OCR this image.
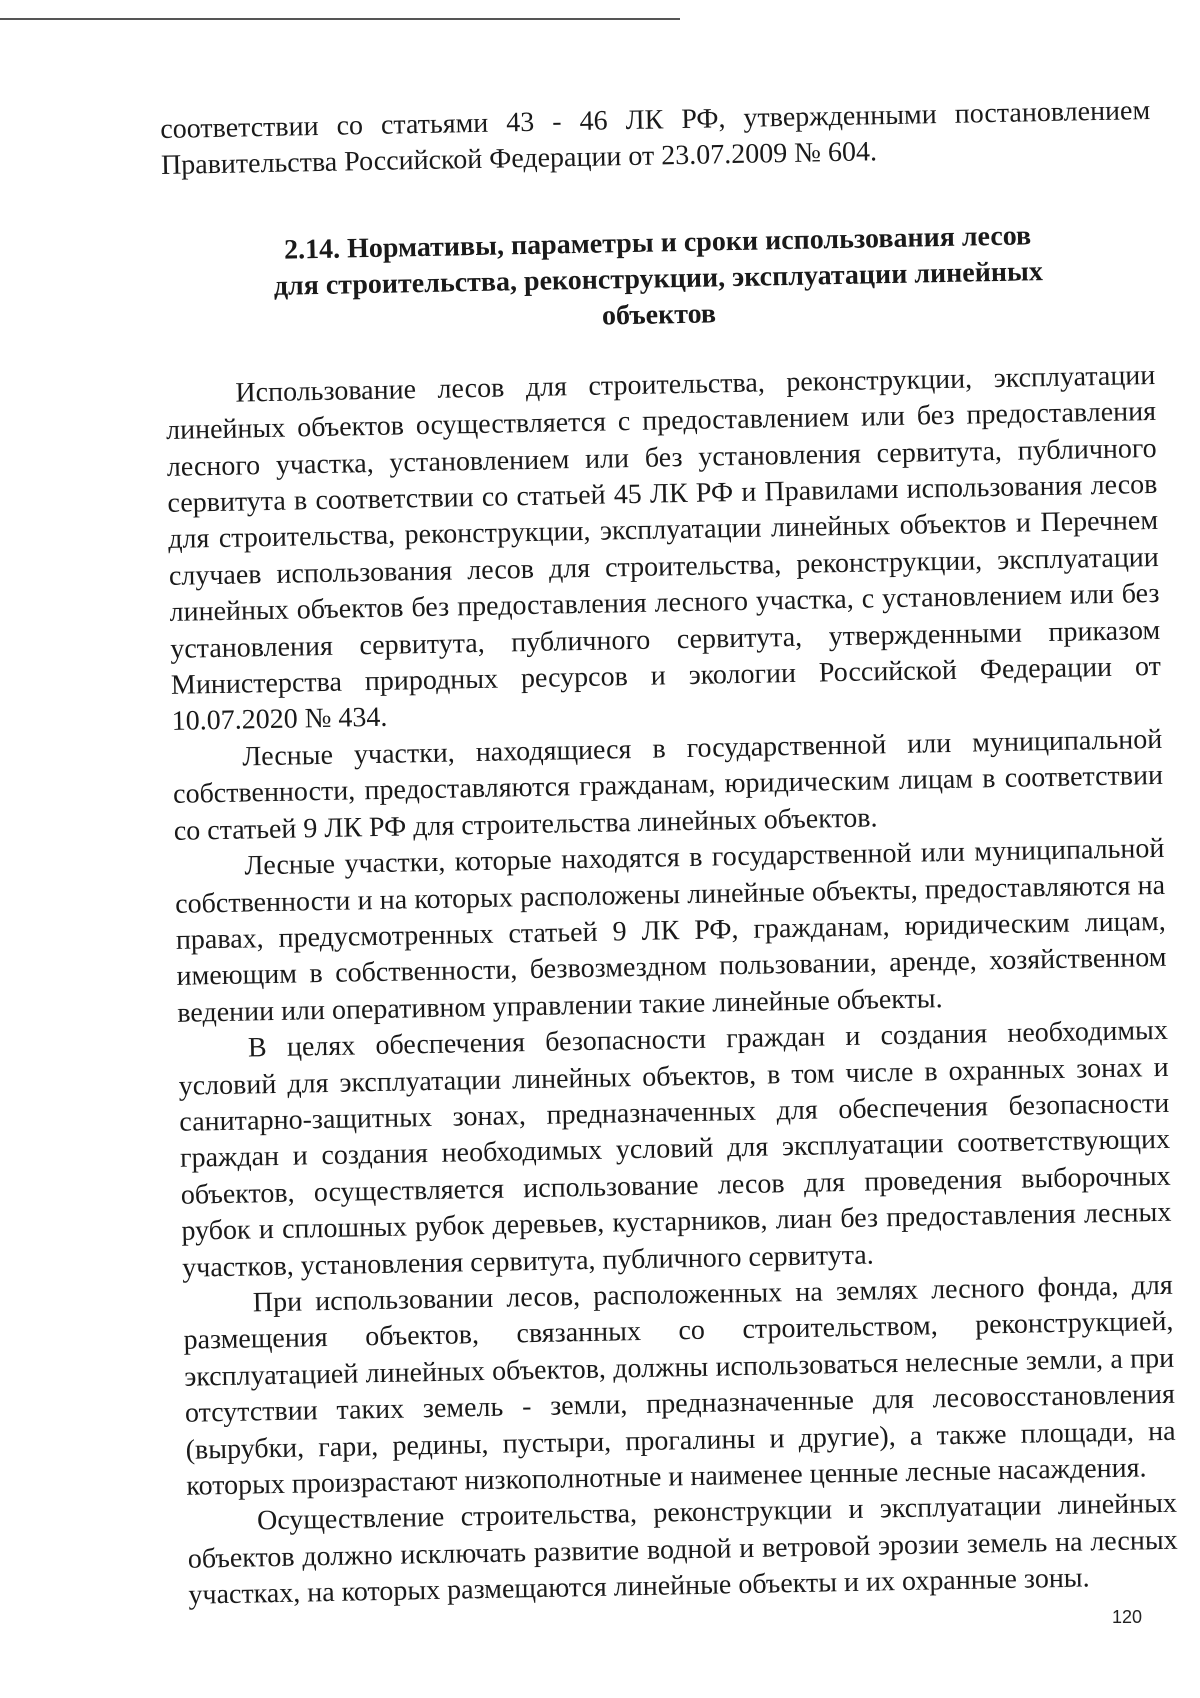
соответствии со статьями 43 - 46 ЛК РФ, утвержденными постановлением Правительства Российской Федерации от 23.07.2009 № 604.

2.14. Нормативы, параметры и сроки использования лесов
для строительства, реконструкции, эксплуатации линейных
объектов

Использование лесов для строительства, реконструкции, эксплуатации линейных объектов осуществляется с предоставлением или без предоставления лесного участка, установлением или без установления сервитута, публичного сервитута в соответствии со статьей 45 ЛК РФ и Правилами использования лесов для строительства, реконструкции, эксплуатации линейных объектов и Перечнем случаев использования лесов для строительства, реконструкции, эксплуатации линейных объектов без предоставления лесного участка, с установлением или без установления сервитута, публичного сервитута, утвержденными приказом Министерства природных ресурсов и экологии Российской Федерации от 10.07.2020 № 434.

Лесные участки, находящиеся в государственной или муниципальной собственности, предоставляются гражданам, юридическим лицам в соответствии со статьей 9 ЛК РФ для строительства линейных объектов.

Лесные участки, которые находятся в государственной или муниципальной собственности и на которых расположены линейные объекты, предоставляются на правах, предусмотренных статьей 9 ЛК РФ, гражданам, юридическим лицам, имеющим в собственности, безвозмездном пользовании, аренде, хозяйственном ведении или оперативном управлении такие линейные объекты.

В целях обеспечения безопасности граждан и создания необходимых условий для эксплуатации линейных объектов, в том числе в охранных зонах и санитарно-защитных зонах, предназначенных для обеспечения безопасности граждан и создания необходимых условий для эксплуатации соответствующих объектов, осуществляется использование лесов для проведения выборочных рубок и сплошных рубок деревьев, кустарников, лиан без предоставления лесных участков, установления сервитута, публичного сервитута.

При использовании лесов, расположенных на землях лесного фонда, для размещения объектов, связанных со строительством, реконструкцией, эксплуатацией линейных объектов, должны использоваться нелесные земли, а при отсутствии таких земель - земли, предназначенные для лесовосстановления (вырубки, гари, редины, пустыри, прогалины и другие), а также площади, на которых произрастают низкополнотные и наименее ценные лесные насаждения.

Осуществление строительства, реконструкции и эксплуатации линейных объектов должно исключать развитие водной и ветровой эрозии земель на лесных участках, на которых размещаются линейные объекты и их охранные зоны.

120
